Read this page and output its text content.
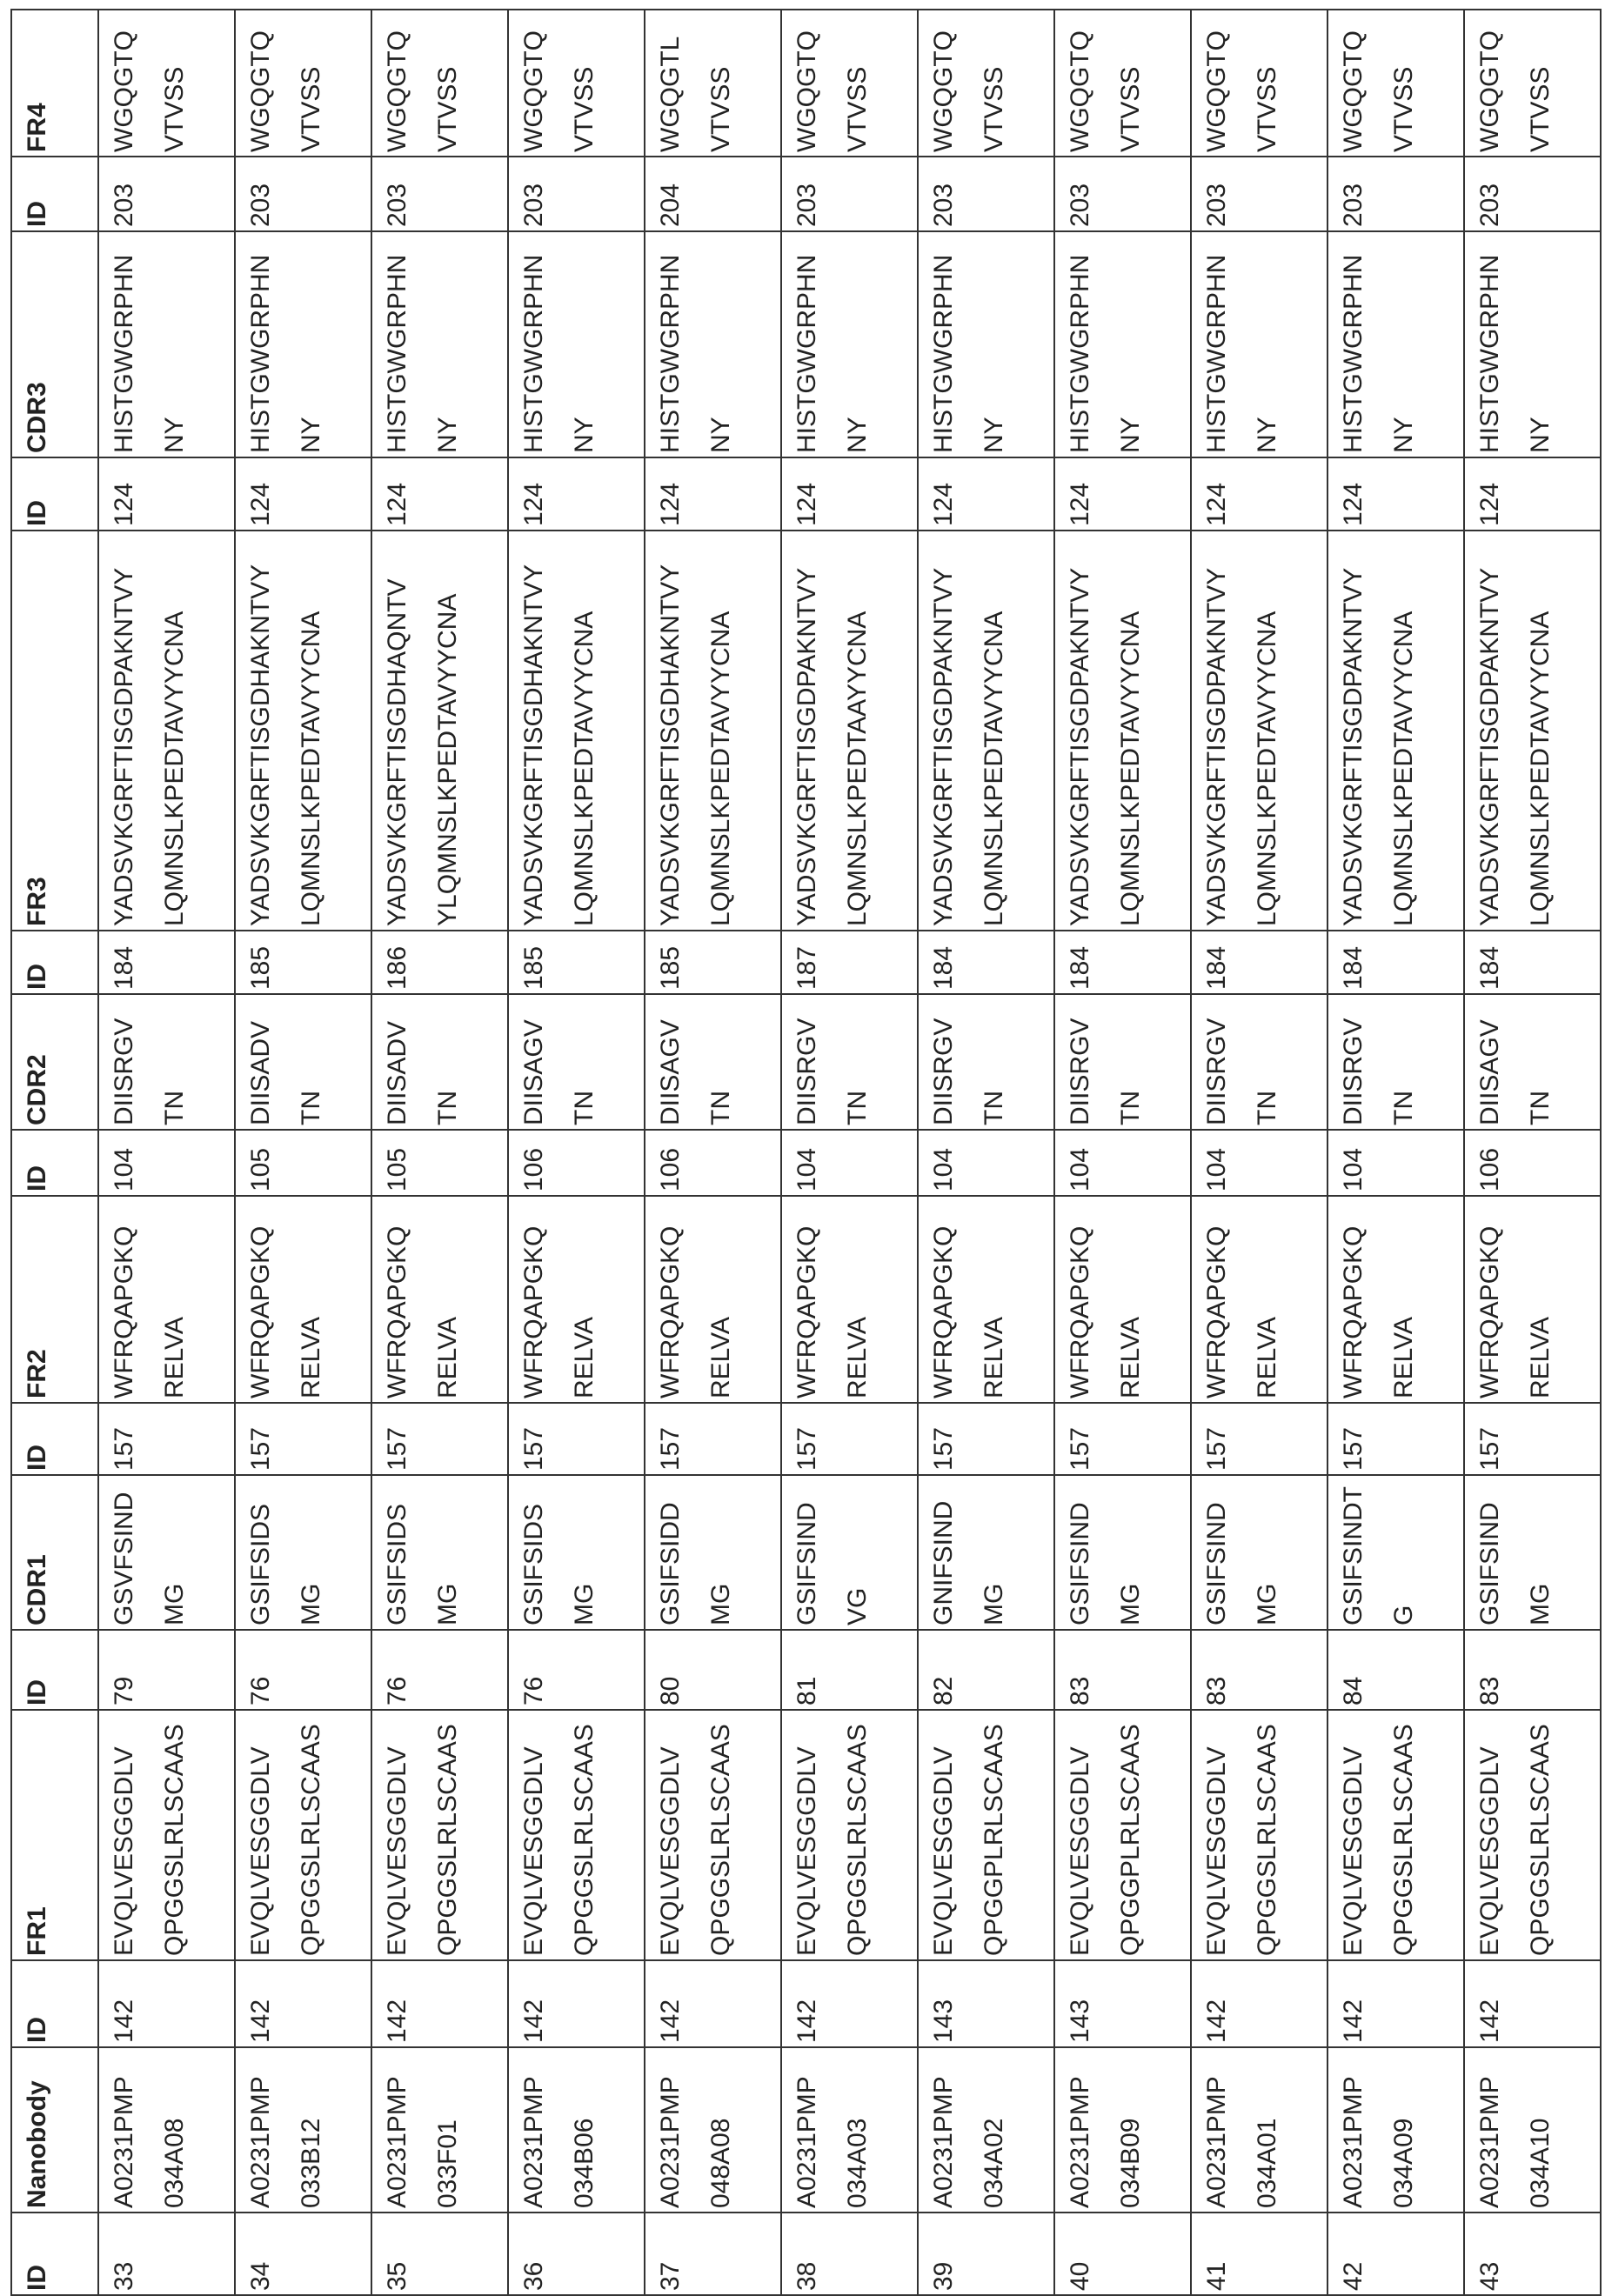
ID	Nanobody	ID	FR1	ID	CDR1	ID	FR2	ID	CDR2	ID	FR3	ID	CDR3	ID	FR4

33

A0231PMP 034A08

142

EVQLVESGGDLV QPGGSLRLSCAAS

79

GSVFSIND MG

157

WFRQAPGKQ RELVA

104

DIISRGV TN

184

YADSVKGRFTISGDPAKNTVY LQMNSLKPEDTAVYYCNA

124

HISTGWGRPHN NY

203

WGQGTQ VTVSS

34

A0231PMP 033B12

142

EVQLVESGGDLV QPGGSLRLSCAAS

76

GSIFSIDS MG

157

WFRQAPGKQ RELVA

105

DIISADV TN

185

YADSVKGRFTISGDHAKNTVY LQMNSLKPEDTAVYYCNA

124

HISTGWGRPHN NY

203

WGQGTQ VTVSS

35

A0231PMP 033F01

142

EVQLVESGGDLV QPGGSLRLSCAAS

76

GSIFSIDS MG

157

WFRQAPGKQ RELVA

105

DIISADV TN

186

YADSVKGRFTISGDHAQNTV YLQMNSLKPEDTAVYYCNA

124

HISTGWGRPHN NY

203

WGQGTQ VTVSS

36

A0231PMP 034B06

142

EVQLVESGGDLV QPGGSLRLSCAAS

76

GSIFSIDS MG

157

WFRQAPGKQ RELVA

106

DIISAGV TN

185

YADSVKGRFTISGDHAKNTVY LQMNSLKPEDTAVYYCNA

124

HISTGWGRPHN NY

203

WGQGTQ VTVSS

37

A0231PMP 048A08

142

EVQLVESGGDLV QPGGSLRLSCAAS

80

GSIFSIDD MG

157

WFRQAPGKQ RELVA

106

DIISAGV TN

185

YADSVKGRFTISGDHAKNTVY LQMNSLKPEDTAVYYCNA

124

HISTGWGRPHN NY

204

WGQGTL VTVSS

38

A0231PMP 034A03

142

EVQLVESGGDLV QPGGSLRLSCAAS

81

GSIFSIND VG

157

WFRQAPGKQ RELVA

104

DIISRGV TN

187

YADSVKGRFTISGDPAKNTVY LQMNSLKPEDTAAYYCNA

124

HISTGWGRPHN NY

203

WGQGTQ VTVSS

39

A0231PMP 034A02

143

EVQLVESGGDLV QPGGPLRLSCAAS

82

GNIFSIND MG

157

WFRQAPGKQ RELVA

104

DIISRGV TN

184

YADSVKGRFTISGDPAKNTVY LQMNSLKPEDTAVYYCNA

124

HISTGWGRPHN NY

203

WGQGTQ VTVSS

40

A0231PMP 034B09

143

EVQLVESGGDLV QPGGPLRLSCAAS

83

GSIFSIND MG

157

WFRQAPGKQ RELVA

104

DIISRGV TN

184

YADSVKGRFTISGDPAKNTVY LQMNSLKPEDTAVYYCNA

124

HISTGWGRPHN NY

203

WGQGTQ VTVSS

41

A0231PMP 034A01

142

EVQLVESGGDLV QPGGSLRLSCAAS

83

GSIFSIND MG

157

WFRQAPGKQ RELVA

104

DIISRGV TN

184

YADSVKGRFTISGDPAKNTVY LQMNSLKPEDTAVYYCNA

124

HISTGWGRPHN NY

203

WGQGTQ VTVSS

42

A0231PMP 034A09

142

EVQLVESGGDLV QPGGSLRLSCAAS

84

GSIFSINDT G

157

WFRQAPGKQ RELVA

104

DIISRGV TN

184

YADSVKGRFTISGDPAKNTVY LQMNSLKPEDTAVYYCNA

124

HISTGWGRPHN NY

203

WGQGTQ VTVSS

43

A0231PMP 034A10

142

EVQLVESGGDLV QPGGSLRLSCAAS

83

GSIFSIND MG

157

WFRQAPGKQ RELVA

106

DIISAGV TN

184

YADSVKGRFTISGDPAKNTVY LQMNSLKPEDTAVYYCNA

124

HISTGWGRPHN NY

203

WGQGTQ VTVSS
